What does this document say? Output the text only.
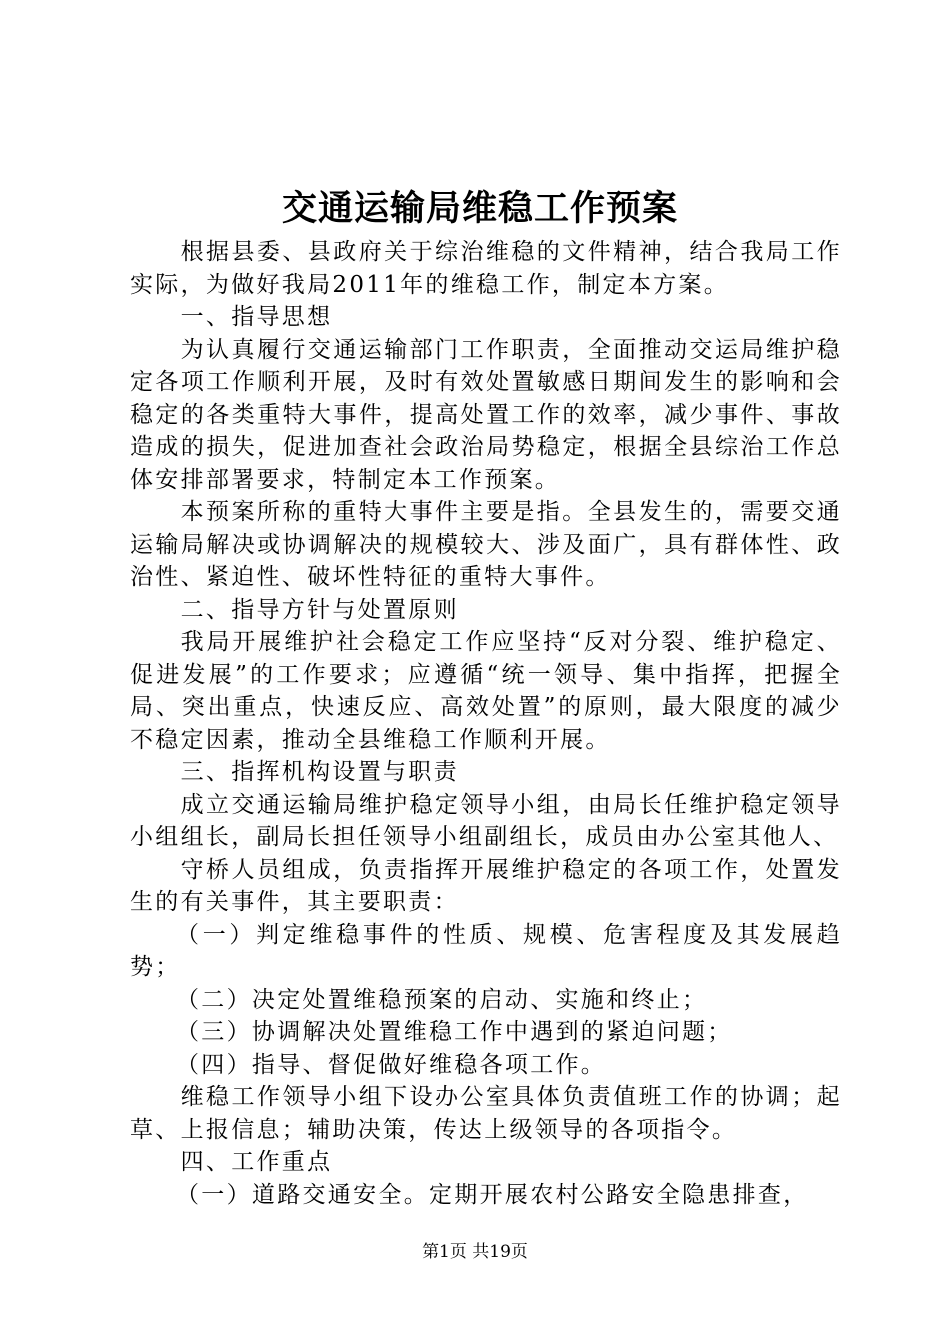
交通运输局维稳工作预案

根据县委、县政府关于综治维稳的文件精神，结合我局工作实际，为做好我局2011年的维稳工作，制定本方案。

一、指导思想

为认真履行交通运输部门工作职责，全面推动交运局维护稳定各项工作顺利开展，及时有效处置敏感日期间发生的影响和会稳定的各类重特大事件，提高处置工作的效率，减少事件、事故造成的损失，促进加查社会政治局势稳定，根据全县综治工作总体安排部署要求，特制定本工作预案。

本预案所称的重特大事件主要是指。全县发生的，需要交通运输局解决或协调解决的规模较大、涉及面广，具有群体性、政治性、紧迫性、破坏性特征的重特大事件。

二、指导方针与处置原则

我局开展维护社会稳定工作应坚持“反对分裂、维护稳定、促进发展”的工作要求；应遵循“统一领导、集中指挥，把握全局、突出重点，快速反应、高效处置”的原则，最大限度的减少不稳定因素，推动全县维稳工作顺利开展。

三、指挥机构设置与职责

成立交通运输局维护稳定领导小组，由局长任维护稳定领导小组组长，副局长担任领导小组副组长，成员由办公室其他人、

守桥人员组成，负责指挥开展维护稳定的各项工作，处置发生的有关事件，其主要职责：

（一）判定维稳事件的性质、规模、危害程度及其发展趋势；

（二）决定处置维稳预案的启动、实施和终止；

（三）协调解决处置维稳工作中遇到的紧迫问题；

（四）指导、督促做好维稳各项工作。

维稳工作领导小组下设办公室具体负责值班工作的协调；起草、上报信息；辅助决策，传达上级领导的各项指令。

四、工作重点

（一）道路交通安全。定期开展农村公路安全隐患排查，

第1页 共19页
